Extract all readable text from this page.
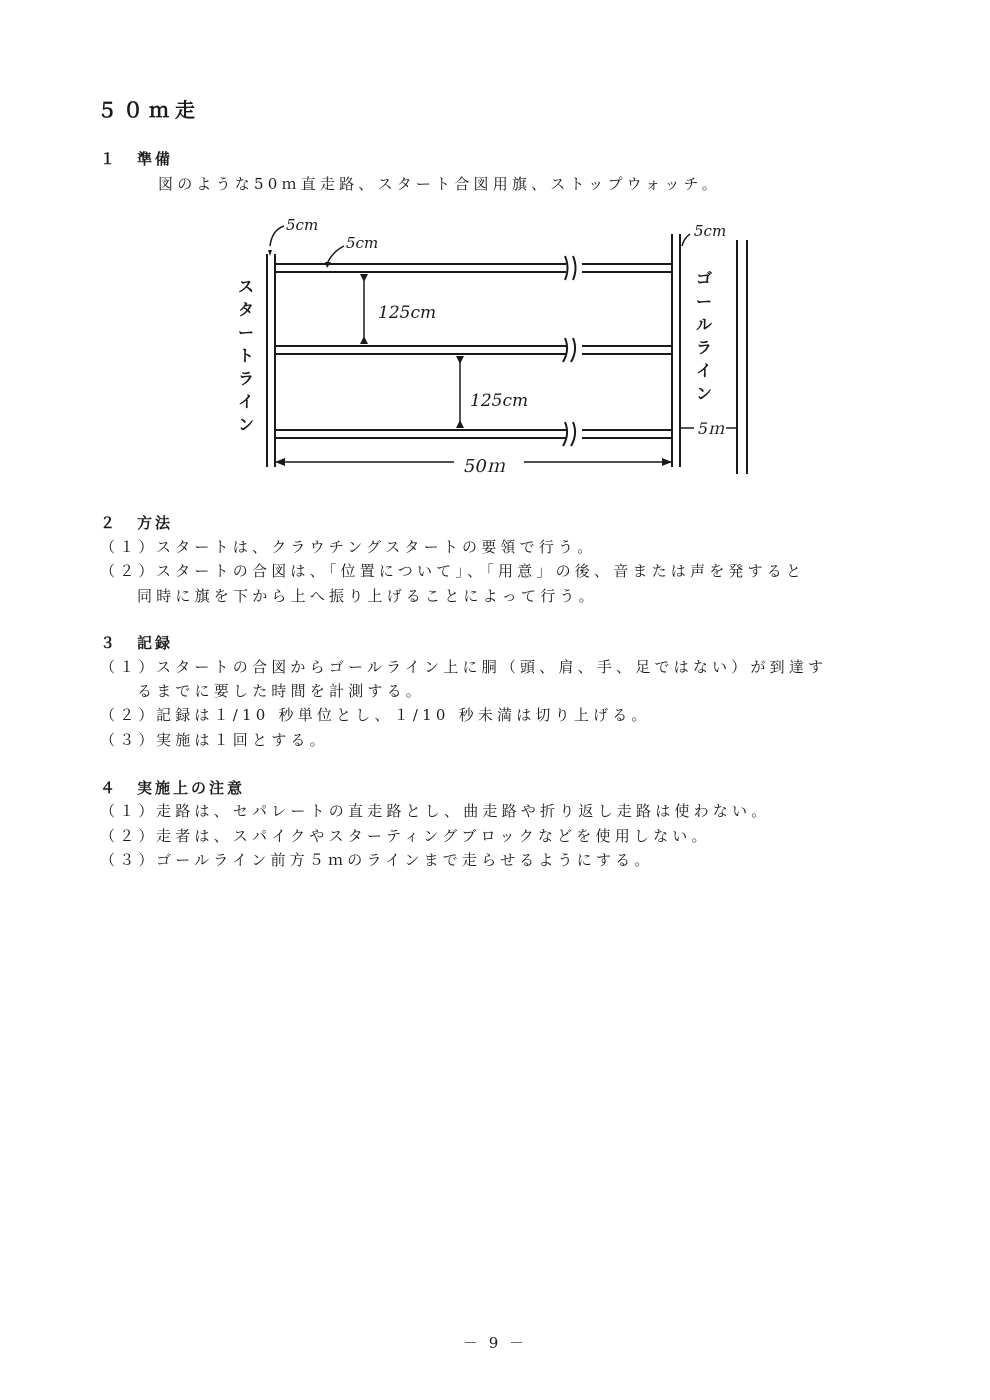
５０ｍ走
１ 準備
図のような50ｍ直走路、スタート合図用旗、ストップウォッチ。
5cm
5cm
5cm
125cm
125cm
50ｍ
5ｍ
ス
タ
ー
ト
ラ
イ
ン
ゴ
ー
ル
ラ
イ
ン
２ 方法
（１）スタートは、クラウチングスタートの要領で行う。
（２）スタートの合図は、「位置について」、「用意」の後、音または声を発すると
同時に旗を下から上へ振り上げることによって行う。
３ 記録
（１）スタートの合図からゴールライン上に胴（頭、肩、手、足ではない）が到達す
るまでに要した時間を計測する。
（２）記録は１/10 秒単位とし、１/10 秒未満は切り上げる。
（３）実施は１回とする。
４ 実施上の注意
（１）走路は、セパレートの直走路とし、曲走路や折り返し走路は使わない。
（２）走者は、スパイクやスターティングブロックなどを使用しない。
（３）ゴールライン前方５ｍのラインまで走らせるようにする。
－ 9 －
